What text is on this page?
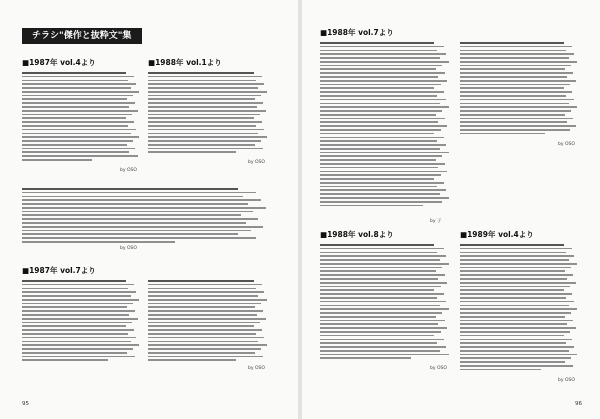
チラシ"傑作と抜粋文"集
■1987年 vol.4より
by OSO
■1988年 vol.1より
by OSO
by OSO
■1987年 vol.7より
by OSO
95
■1988年 vol.7より
by 子
by OSO
■1988年 vol.8より
by OSO
■1989年 vol.4より
by OSO
96
